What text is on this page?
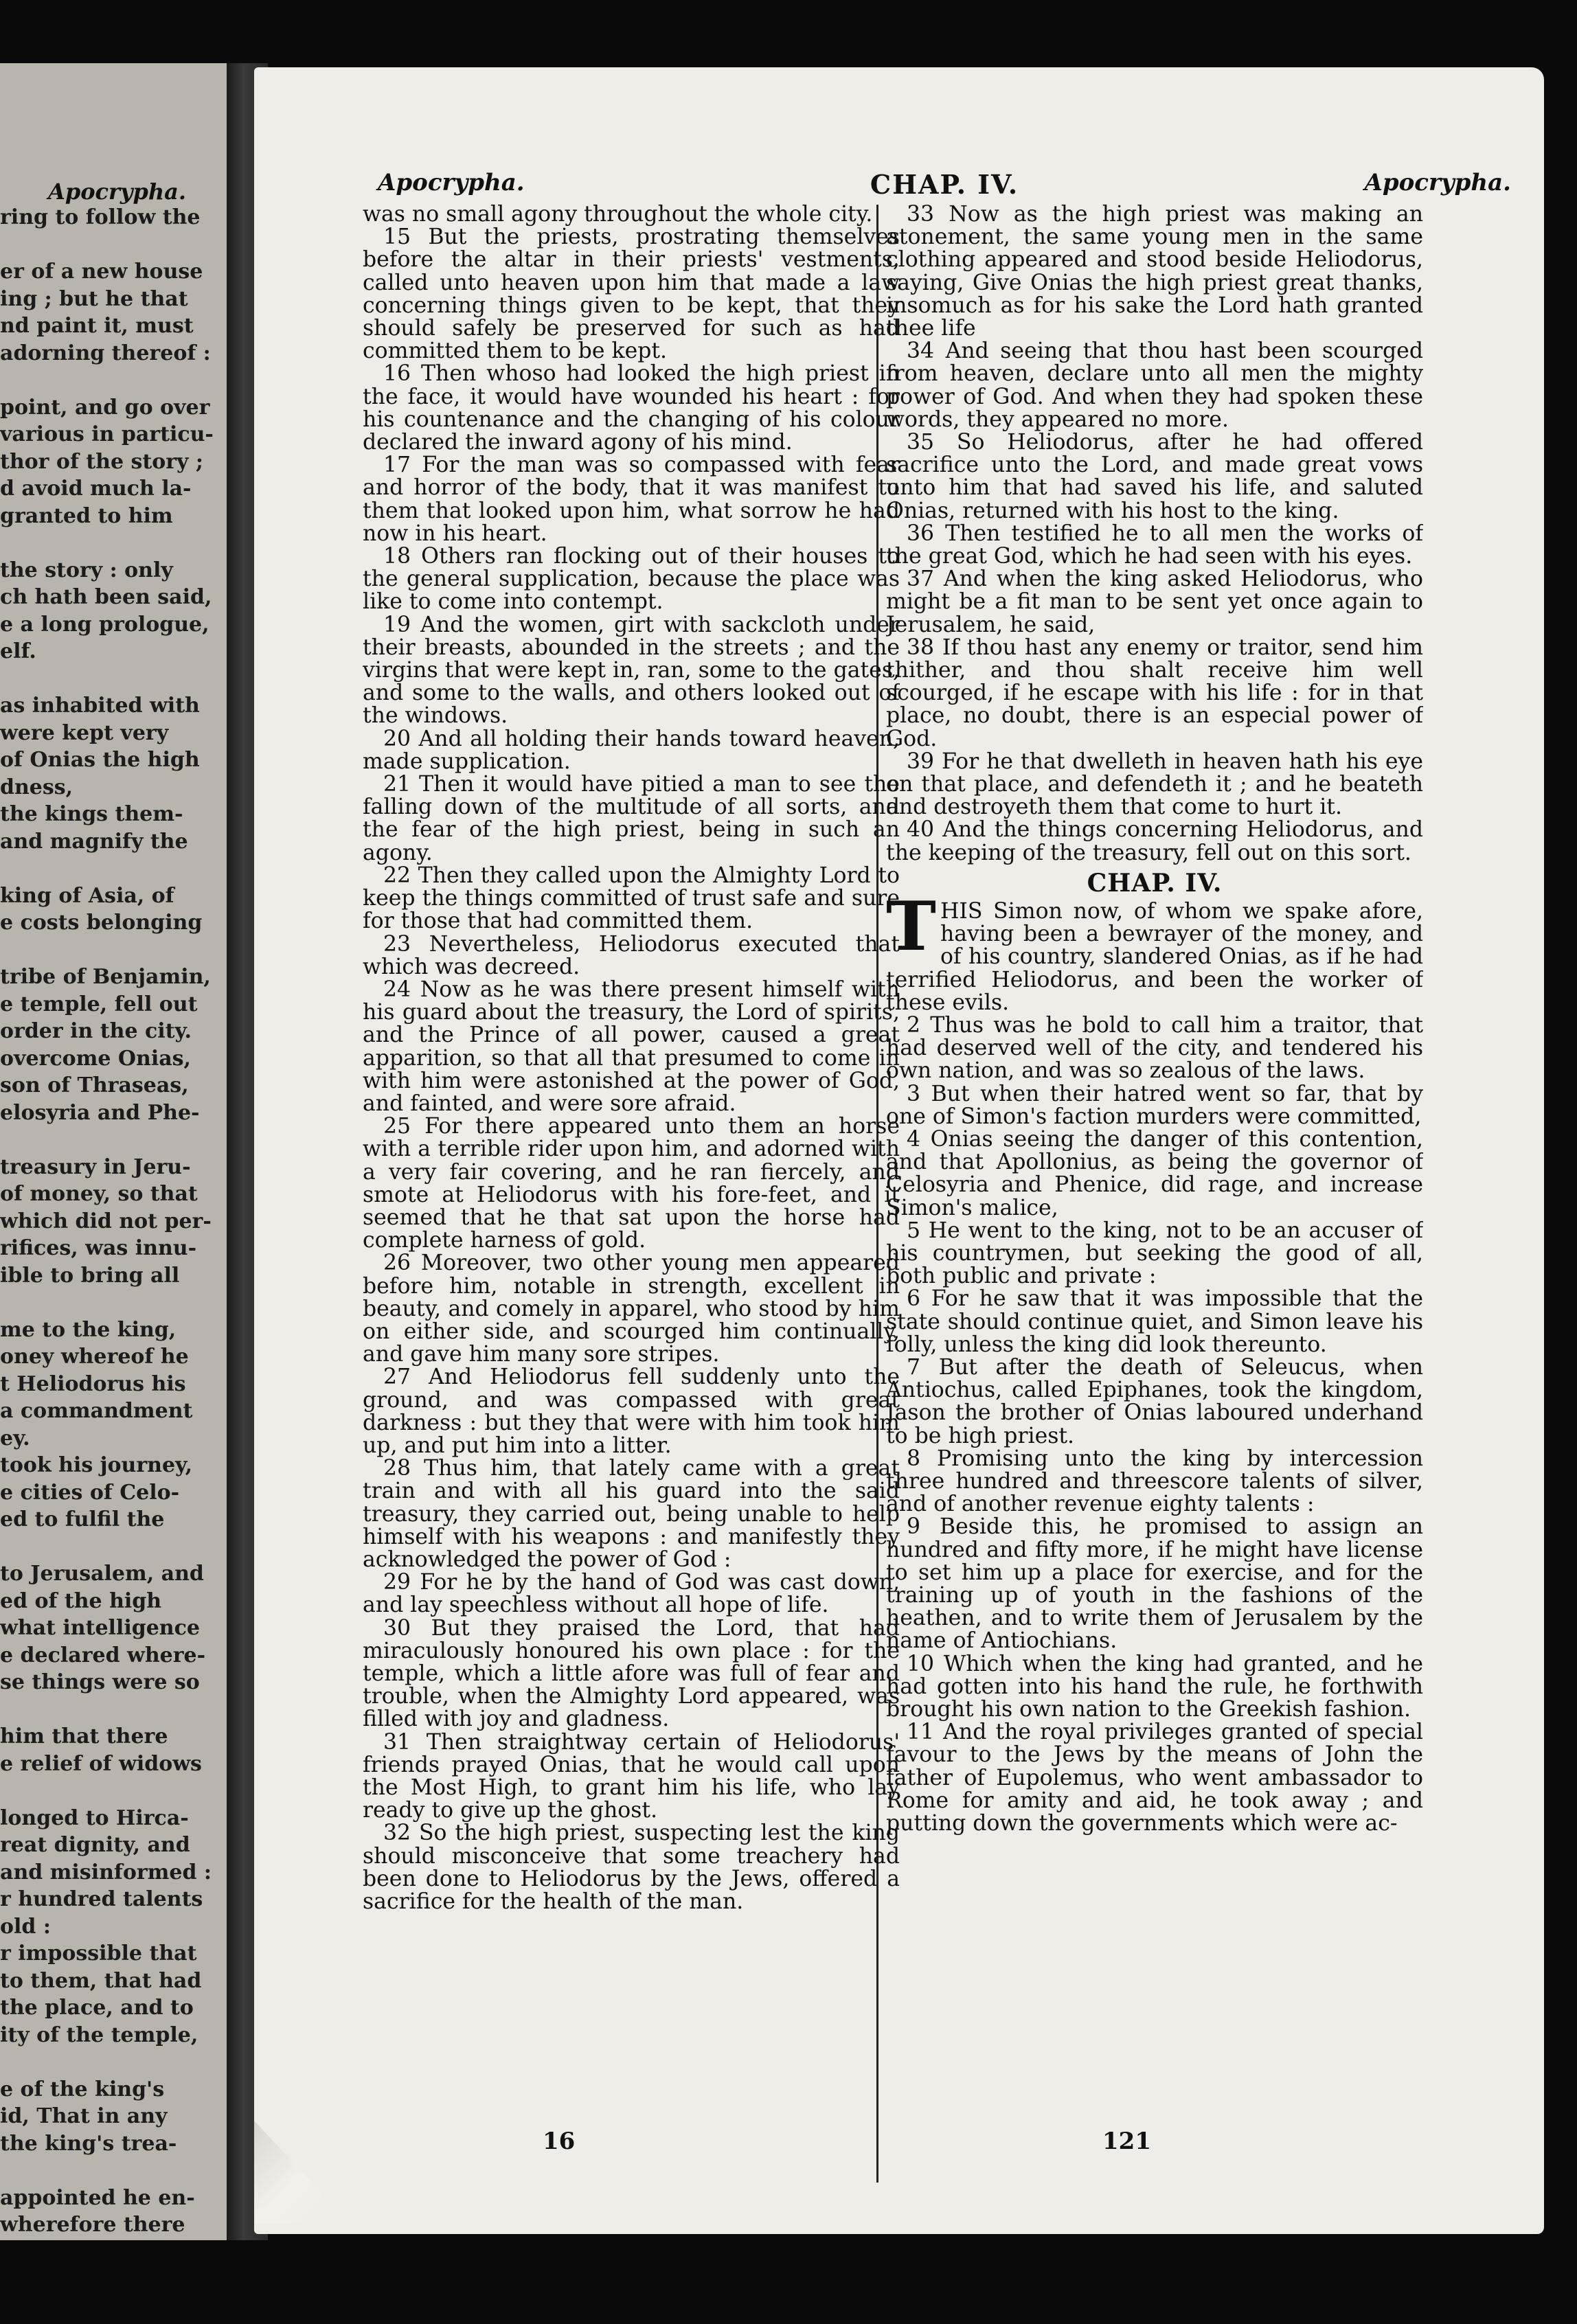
Apocrypha.
ring to follow the
er of a new house
ing ; but he that
nd paint it, must
adorning thereof :
point, and go over
various in particu-
thor of the story ;
d avoid much la-
granted to him
the story : only
ch hath been said,
e a long prologue,
elf.
as inhabited with
were kept very
of Onias the high
dness,
the kings them-
and magnify the
king of Asia, of
e costs belonging
tribe of Benjamin,
e temple, fell out
order in the city.
overcome Onias,
son of Thraseas,
elosyria and Phe-
treasury in Jeru-
of money, so that
which did not per-
rifices, was innu-
ible to bring all
me to the king,
oney whereof he
t Heliodorus his
a commandment
ey.
took his journey,
e cities of Celo-
ed to fulfil the
to Jerusalem, and
ed of the high
what intelligence
e declared where-
se things were so
him that there
e relief of widows
longed to Hirca-
reat dignity, and
and misinformed :
r hundred talents
old :
r impossible that
to them, that had
the place, and to
ity of the temple,
e of the king's
id, That in any
the king's trea-
appointed he en-
wherefore there
Apocrypha.	CHAP. IV.	Apocrypha.

was no small agony throughout the whole city.

15 But the priests, prostrating themselves before the altar in their priests' vestments, called unto heaven upon him that made a law concerning things given to be kept, that they should safely be preserved for such as had committed them to be kept.

16 Then whoso had looked the high priest in the face, it would have wounded his heart : for his countenance and the changing of his colour declared the inward agony of his mind.

17 For the man was so compassed with fear and horror of the body, that it was manifest to them that looked upon him, what sorrow he had now in his heart.

18 Others ran flocking out of their houses to the general supplication, because the place was like to come into contempt.

19 And the women, girt with sackcloth under their breasts, abounded in the streets ; and the virgins that were kept in, ran, some to the gates, and some to the walls, and others looked out of the windows.

20 And all holding their hands toward heaven, made supplication.

21 Then it would have pitied a man to see the falling down of the multitude of all sorts, and the fear of the high priest, being in such an agony.

22 Then they called upon the Almighty Lord to keep the things committed of trust safe and sure for those that had committed them.

23 Nevertheless, Heliodorus executed that which was decreed.

24 Now as he was there present himself with his guard about the treasury, the Lord of spirits, and the Prince of all power, caused a great apparition, so that all that presumed to come in with him were astonished at the power of God, and fainted, and were sore afraid.

25 For there appeared unto them an horse with a terrible rider upon him, and adorned with a very fair covering, and he ran fiercely, and smote at Heliodorus with his fore-feet, and it seemed that he that sat upon the horse had complete harness of gold.

26 Moreover, two other young men appeared before him, notable in strength, excellent in beauty, and comely in apparel, who stood by him on either side, and scourged him continually, and gave him many sore stripes.

27 And Heliodorus fell suddenly unto the ground, and was compassed with great darkness : but they that were with him took him up, and put him into a litter.

28 Thus him, that lately came with a great train and with all his guard into the said treasury, they carried out, being unable to help himself with his weapons : and manifestly they acknowledged the power of God :

29 For he by the hand of God was cast down, and lay speechless without all hope of life.

30 But they praised the Lord, that had miraculously honoured his own place : for the temple, which a little afore was full of fear and trouble, when the Almighty Lord appeared, was filled with joy and gladness.

31 Then straightway certain of Heliodorus' friends prayed Onias, that he would call upon the Most High, to grant him his life, who lay ready to give up the ghost.

32 So the high priest, suspecting lest the king should misconceive that some treachery had been done to Heliodorus by the Jews, offered a sacrifice for the health of the man.

33 Now as the high priest was making an atonement, the same young men in the same clothing appeared and stood beside Heliodorus, saying, Give Onias the high priest great thanks, insomuch as for his sake the Lord hath granted thee life

34 And seeing that thou hast been scourged from heaven, declare unto all men the mighty power of God. And when they had spoken these words, they appeared no more.

35 So Heliodorus, after he had offered sacrifice unto the Lord, and made great vows unto him that had saved his life, and saluted Onias, returned with his host to the king.

36 Then testified he to all men the works of the great God, which he had seen with his eyes.

37 And when the king asked Heliodorus, who might be a fit man to be sent yet once again to Jerusalem, he said,

38 If thou hast any enemy or traitor, send him thither, and thou shalt receive him well scourged, if he escape with his life : for in that place, no doubt, there is an especial power of God.

39 For he that dwelleth in heaven hath his eye on that place, and defendeth it ; and he beateth and destroyeth them that come to hurt it.

40 And the things concerning Heliodorus, and the keeping of the treasury, fell out on this sort.

CHAP. IV.

THIS Simon now, of whom we spake afore, having been a bewrayer of the money, and of his country, slandered Onias, as if he had terrified Heliodorus, and been the worker of these evils.

2 Thus was he bold to call him a traitor, that had deserved well of the city, and tendered his own nation, and was so zealous of the laws.

3 But when their hatred went so far, that by one of Simon's faction murders were committed,

4 Onias seeing the danger of this contention, and that Apollonius, as being the governor of Celosyria and Phenice, did rage, and increase Simon's malice,

5 He went to the king, not to be an accuser of his countrymen, but seeking the good of all, both public and private :

6 For he saw that it was impossible that the state should continue quiet, and Simon leave his folly, unless the king did look thereunto.

7 But after the death of Seleucus, when Antiochus, called Epiphanes, took the kingdom, Jason the brother of Onias laboured underhand to be high priest.

8 Promising unto the king by intercession three hundred and threescore talents of silver, and of another revenue eighty talents :

9 Beside this, he promised to assign an hundred and fifty more, if he might have license to set him up a place for exercise, and for the training up of youth in the fashions of the heathen, and to write them of Jerusalem by the name of Antiochians.

10 Which when the king had granted, and he had gotten into his hand the rule, he forthwith brought his own nation to the Greekish fashion.

11 And the royal privileges granted of special favour to the Jews by the means of John the father of Eupolemus, who went ambassador to Rome for amity and aid, he took away ; and putting down the governments which were ac-

16	121
